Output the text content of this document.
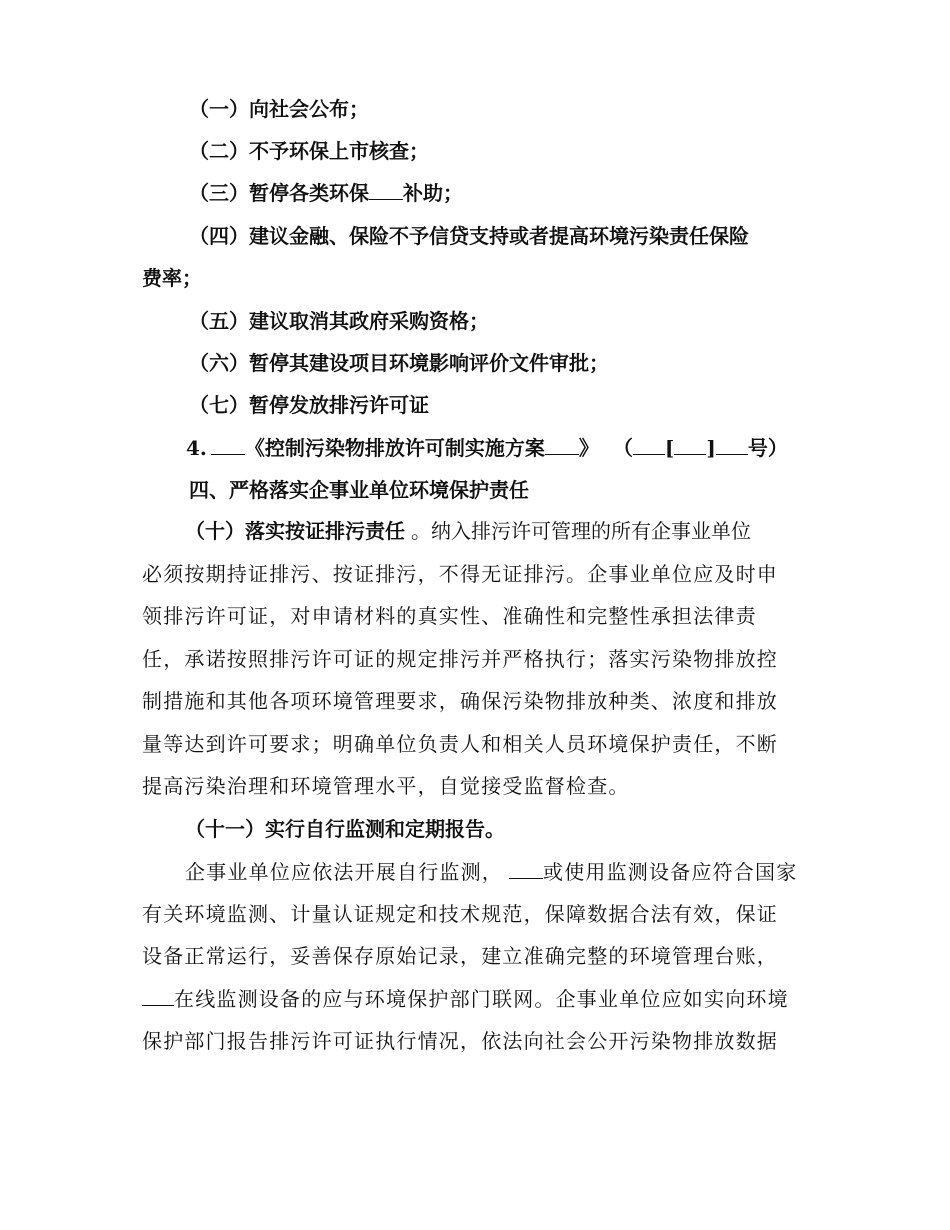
（一）向社会公布；
（二）不予环保上市核查；
（三）暂停各类环保 补助；
（四）建议金融、保险不予信贷支持或者提高环境污染责任保险
费率；
（五）建议取消其政府采购资格；
（六）暂停其建设项目环境影响评价文件审批；
（七）暂停发放排污许可证
4. 《控制污染物排放许可制实施方案 》 （ [ ] 号）
四、严格落实企事业单位环境保护责任
（十）落实按证排污责任 。纳入排污许可管理的所有企事业单位
必须按期持证排污、按证排污，不得无证排污。企事业单位应及时申
领排污许可证，对申请材料的真实性、准确性和完整性承担法律责
任，承诺按照排污许可证的规定排污并严格执行；落实污染物排放控
制措施和其他各项环境管理要求，确保污染物排放种类、浓度和排放
量等达到许可要求；明确单位负责人和相关人员环境保护责任，不断
提高污染治理和环境管理水平，自觉接受监督检查。
（十一）实行自行监测和定期报告。
企事业单位应依法开展自行监测， 或使用监测设备应符合国家
有关环境监测、计量认证规定和技术规范，保障数据合法有效，保证
设备正常运行，妥善保存原始记录，建立准确完整的环境管理台账，
在线监测设备的应与环境保护部门联网。企事业单位应如实向环境
保护部门报告排污许可证执行情况，依法向社会公开污染物排放数据
